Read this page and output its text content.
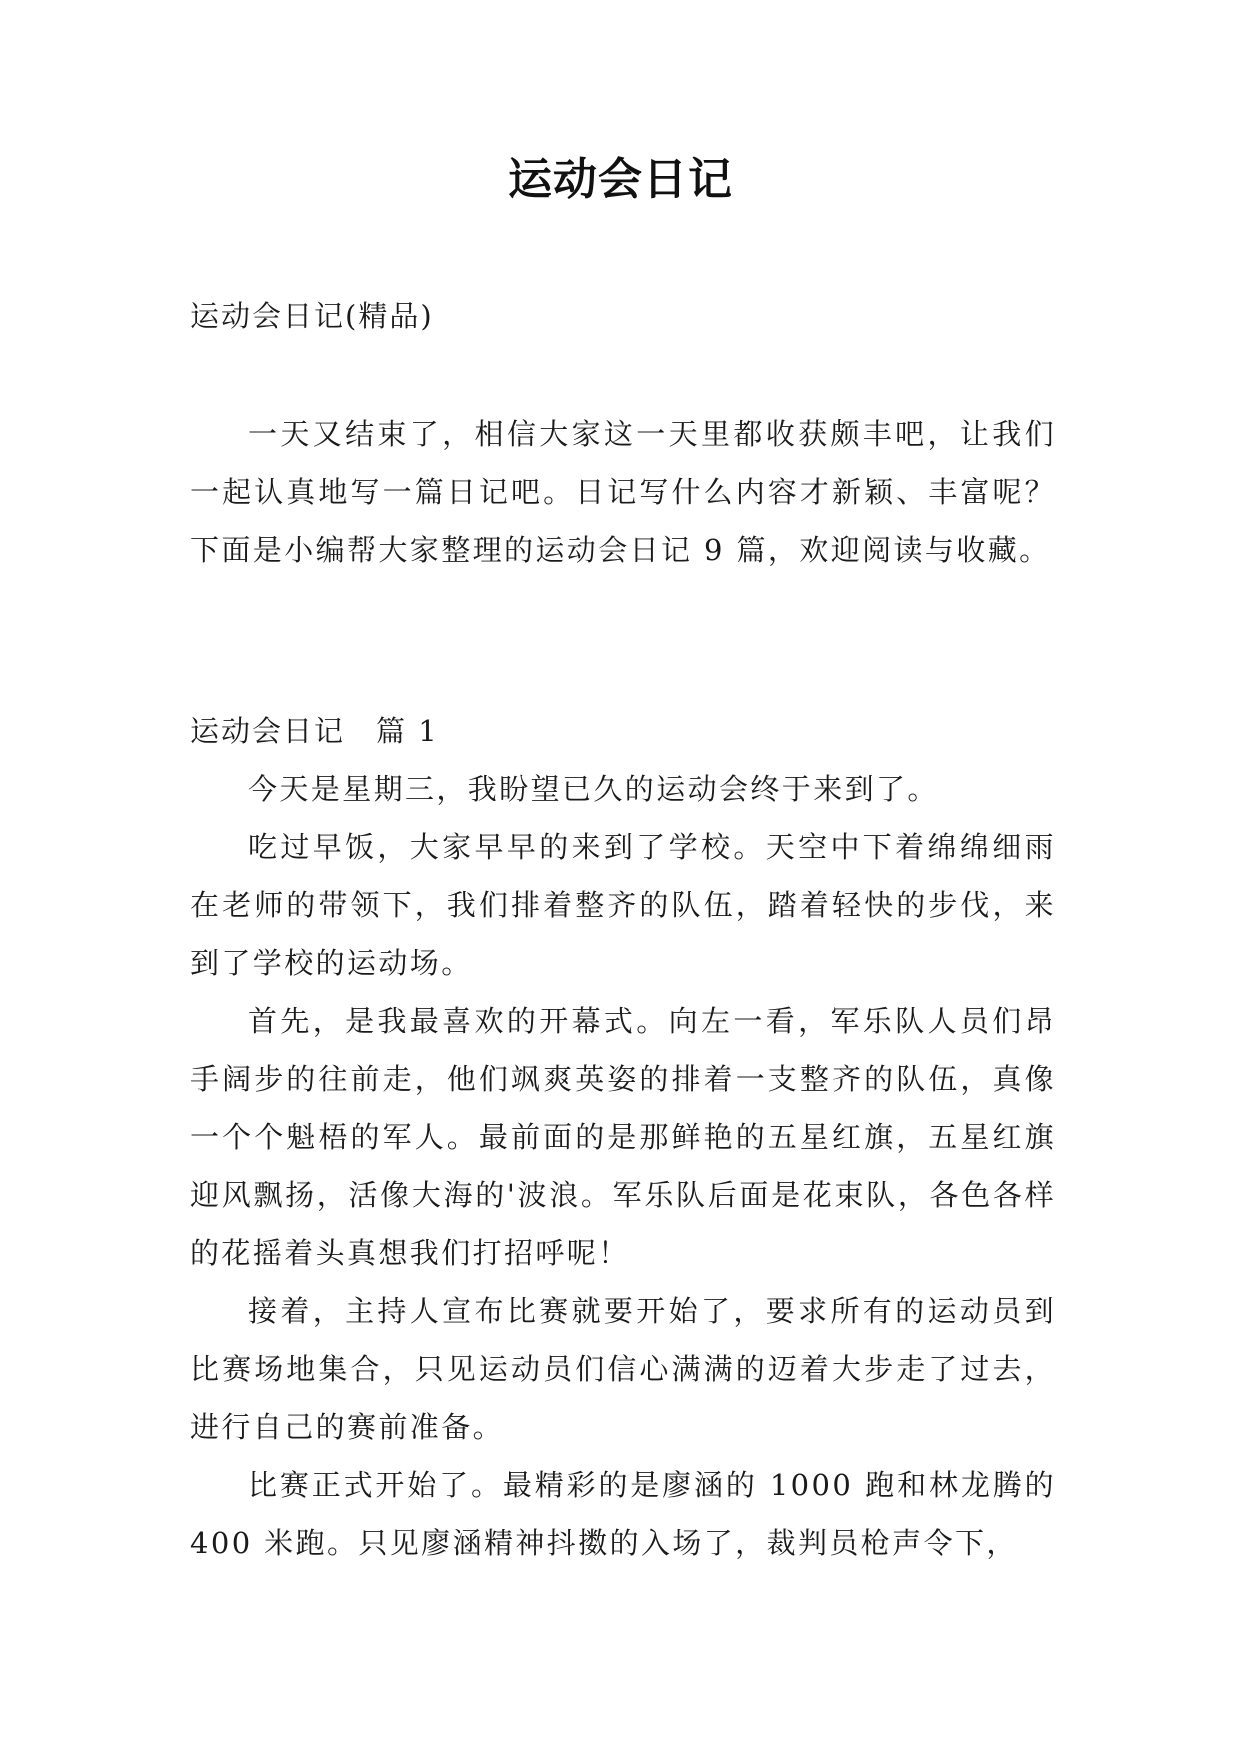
运动会日记
运动会日记(精品)

一天又结束了，相信大家这一天里都收获颇丰吧，让我们一起认真地写一篇日记吧。日记写什么内容才新颖、丰富呢？下面是小编帮大家整理的运动会日记 9 篇，欢迎阅读与收藏。

运动会日记　篇 1

今天是星期三，我盼望已久的运动会终于来到了。

吃过早饭，大家早早的来到了学校。天空中下着绵绵细雨在老师的带领下，我们排着整齐的队伍，踏着轻快的步伐，来到了学校的运动场。

首先，是我最喜欢的开幕式。向左一看，军乐队人员们昂手阔步的往前走，他们飒爽英姿的排着一支整齐的队伍，真像一个个魁梧的军人。最前面的是那鲜艳的五星红旗，五星红旗迎风飘扬，活像大海的'波浪。军乐队后面是花束队，各色各样的花摇着头真想我们打招呼呢！

接着，主持人宣布比赛就要开始了，要求所有的运动员到比赛场地集合，只见运动员们信心满满的迈着大步走了过去，进行自己的赛前准备。

比赛正式开始了。最精彩的是廖涵的 1000 跑和林龙腾的 400 米跑。只见廖涵精神抖擞的入场了，裁判员枪声令下，
